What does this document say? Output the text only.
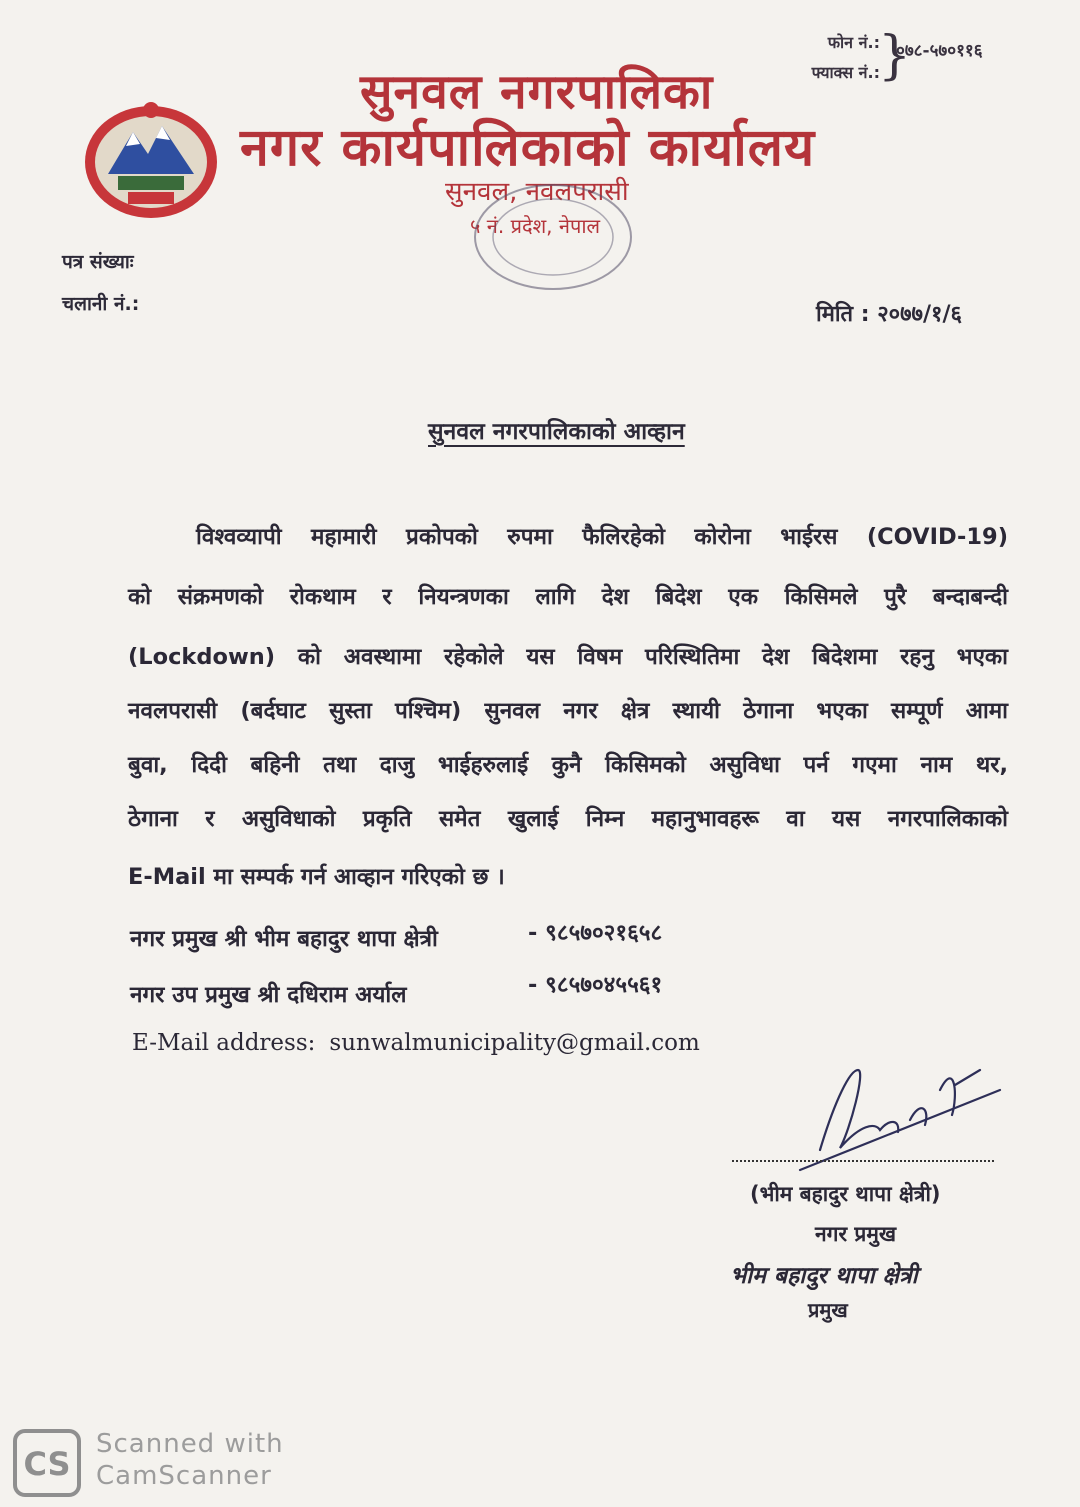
फोन नं.:
फ्याक्स नं.:
}
०७८-५७०११६
सुनवल नगरपालिका
नगर कार्यपालिकाको कार्यालय
सुनवल, नवलपरासी
५ नं. प्रदेश, नेपाल
पत्र संख्याः
चलानी नं.:	मिति : २०७७/१/६
सुनवल नगरपालिकाको आव्हान
विश्वव्यापी महामारी प्रकोपको रुपमा फैलिरहेको कोरोना भाईरस (COVID-19)
को संक्रमणको रोकथाम र नियन्त्रणका लागि देश बिदेश एक किसिमले पुरै बन्दाबन्दी
(Lockdown) को अवस्थामा रहेकोले यस विषम परिस्थितिमा देश बिदेशमा रहनु भएका
नवलपरासी (बर्दघाट सुस्ता पश्चिम) सुनवल नगर क्षेत्र स्थायी ठेगाना भएका सम्पूर्ण आमा
बुवा, दिदी बहिनी तथा दाजु भाईहरुलाई कुनै किसिमको असुविधा पर्न गएमा नाम थर,
ठेगाना र असुविधाको प्रकृति समेत खुलाई निम्न महानुभावहरू वा यस नगरपालिकाको
E-Mail मा सम्पर्क गर्न आव्हान गरिएको छ ।
नगर प्रमुख श्री भीम बहादुर थापा क्षेत्री	- ९८५७०२१६५८
नगर उप प्रमुख श्री दधिराम अर्याल	- ९८५७०४५५६१
E-Mail address: sunwalmunicipality@gmail.com
(भीम बहादुर थापा क्षेत्री)
नगर प्रमुख
भीम बहादुर थापा क्षेत्री
प्रमुख
CS
Scanned with
CamScanner
